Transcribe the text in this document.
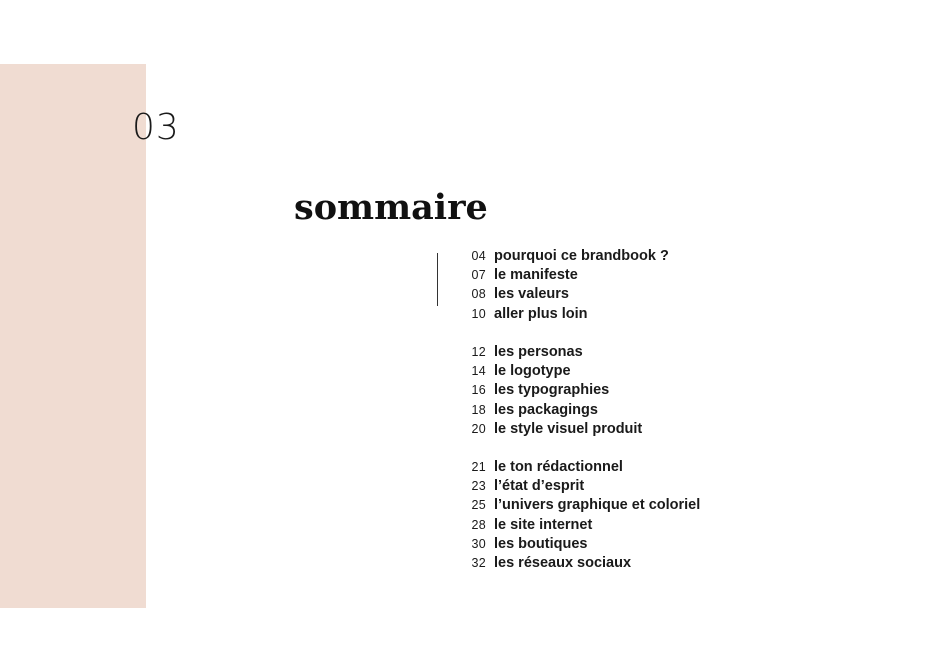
03
sommaire
04 pourquoi ce brandbook ?
07 le manifeste
08 les valeurs
10 aller plus loin
12 les personas
14 le logotype
16 les typographies
18 les packagings
20 le style visuel produit
21 le ton rédactionnel
23 l’état d’esprit
25 l’univers graphique et coloriel
28 le site internet
30 les boutiques
32 les réseaux sociaux
